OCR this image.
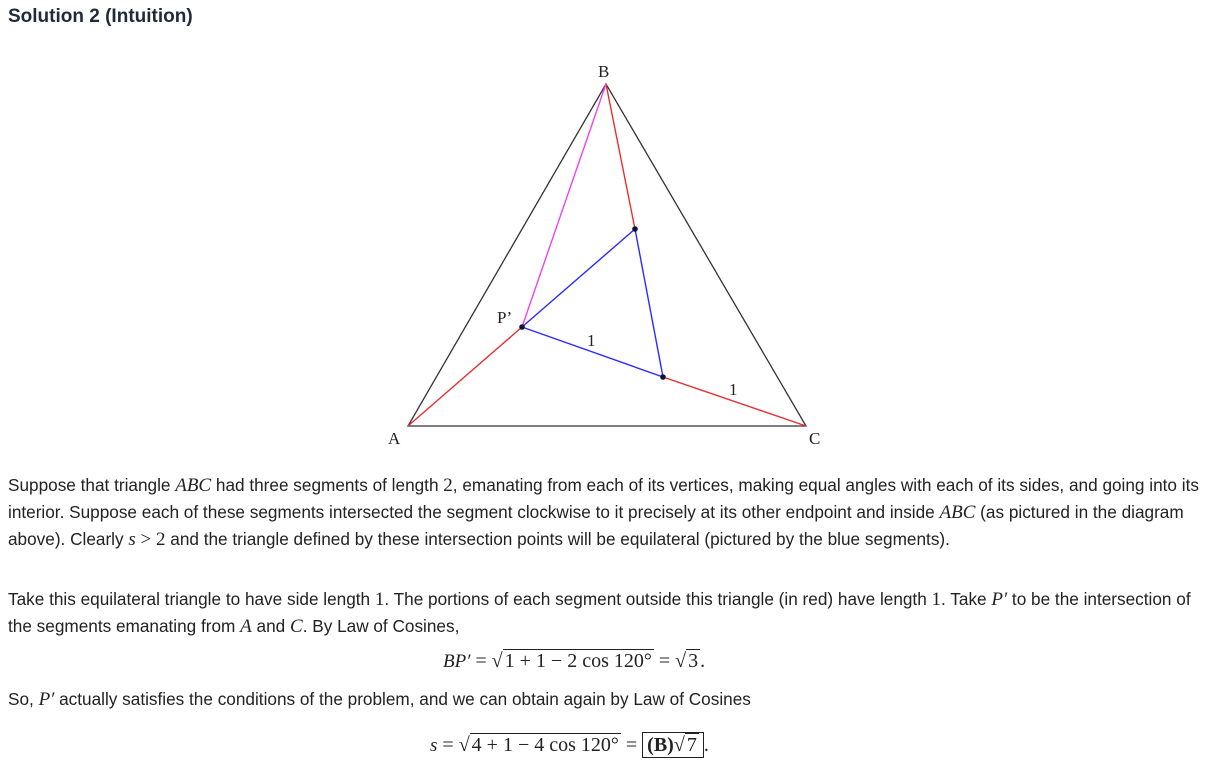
Solution 2 (Intuition)
B
A	C
P’
1
1
Suppose that triangle ABC had three segments of length 2, emanating from each of its vertices, making equal angles with each of its sides, and going into its interior. Suppose each of these segments intersected the segment clockwise to it precisely at its other endpoint and inside ABC (as pictured in the diagram above). Clearly s > 2 and the triangle defined by these intersection points will be equilateral (pictured by the blue segments).
Take this equilateral triangle to have side length 1. The portions of each segment outside this triangle (in red) have length 1. Take P′ to be the intersection of the segments emanating from A and C. By Law of Cosines,
BP′ = √ 1 + 1 − 2 cos 120° = √ 3 .
So, P′ actually satisfies the conditions of the problem, and we can obtain again by Law of Cosines
s = √ 4 + 1 − 4 cos 120° = (B)√ 7 .
